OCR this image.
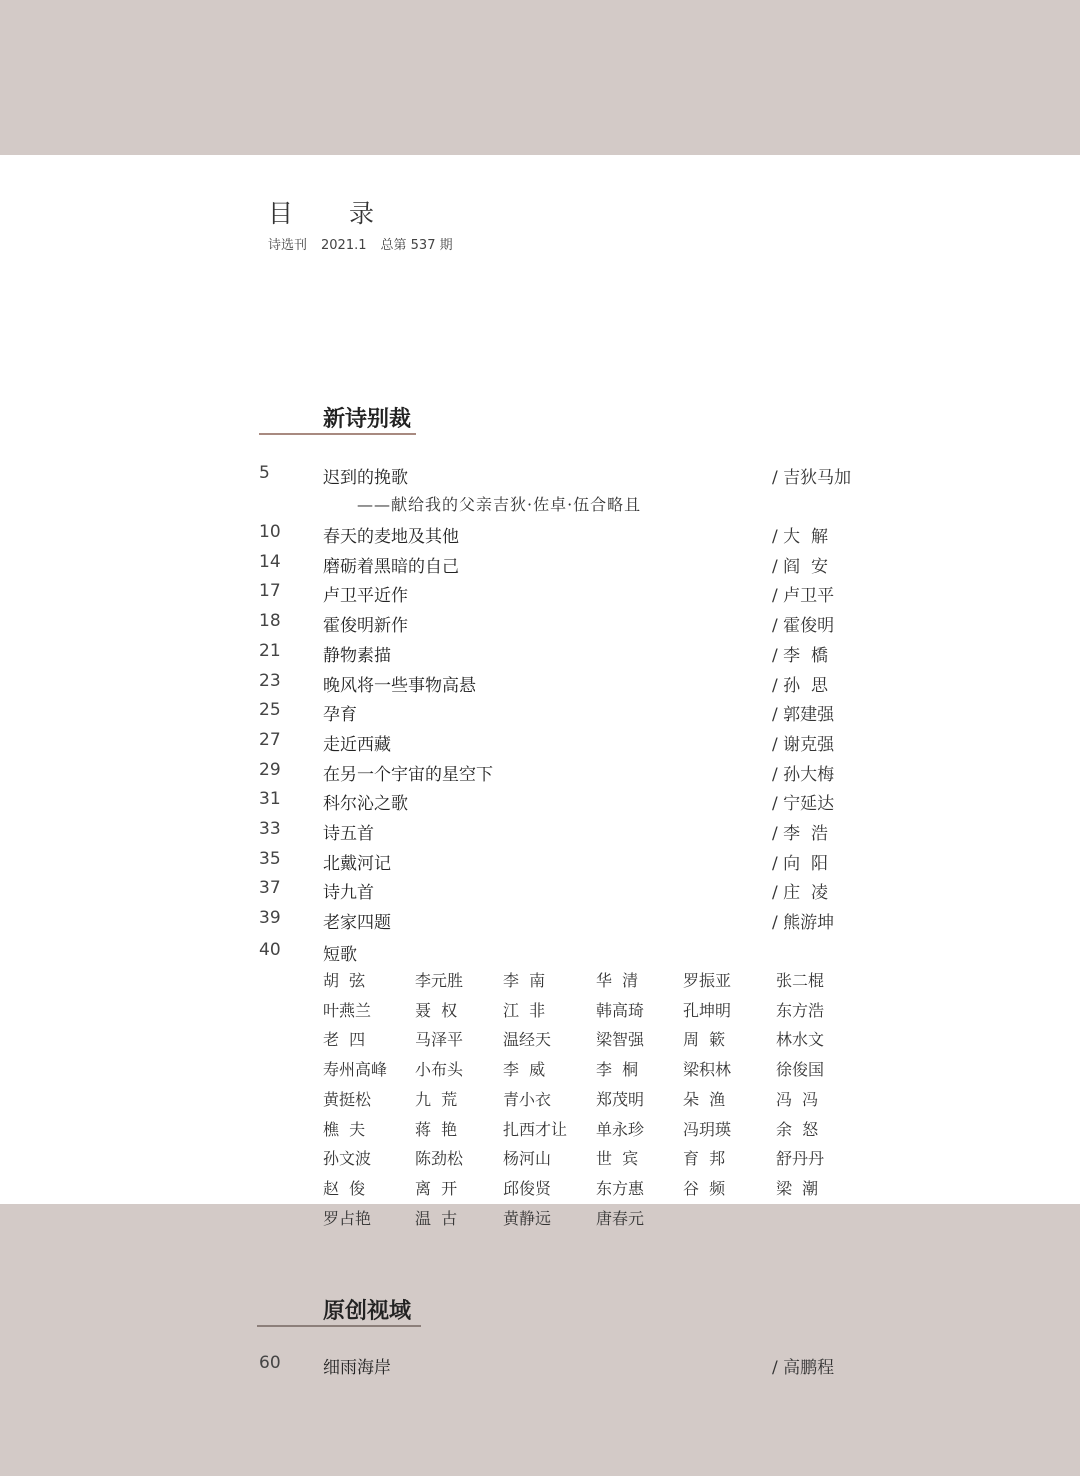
目 录
诗选刊 2021.1 总第 537 期
新诗别裁
5	迟到的挽歌	/ 吉狄马加
10 春天的麦地及其他	/ 大  解
14 磨砺着黑暗的自己	/ 阎  安
17 卢卫平近作	/ 卢卫平
18 霍俊明新作	/ 霍俊明
21 静物素描	/ 李  橋
23 晚风将一些事物高悬	/ 孙  思
25 孕育	/ 郭建强
27 走近西藏	/ 谢克强
29 在另一个宇宙的星空下	/ 孙大梅
31 科尔沁之歌	/ 宁延达
33 诗五首	/ 李  浩
35 北戴河记	/ 向  阳
37 诗九首	/ 庄  凌
39 老家四题	/ 熊游坤
——献给我的父亲吉狄·佐卓·伍合略且
40 短歌
胡  弦	李元胜 李  南	华  清	罗振亚	张二棍
叶燕兰	聂  权	江  非	韩高琦 孔坤明	东方浩
老  四	马泽平 温经天	梁智强 周  簌	林水文
寿州高峰 小布头 李  威	李  桐	梁积林	徐俊国
黄挺松	九  荒	青小衣	郑茂明 朵  渔	冯  冯
樵  夫	蒋  艳	扎西才让 单永珍 冯玥瑛	余  怒
孙文波	陈劲松 杨河山	世  宾	育  邦	舒丹丹
赵  俊	离  开	邱俊贤	东方惠 谷  频	梁  潮
罗占艳	温  古	黄静远	唐春元
原创视域
60 细雨海岸	/ 高鹏程
